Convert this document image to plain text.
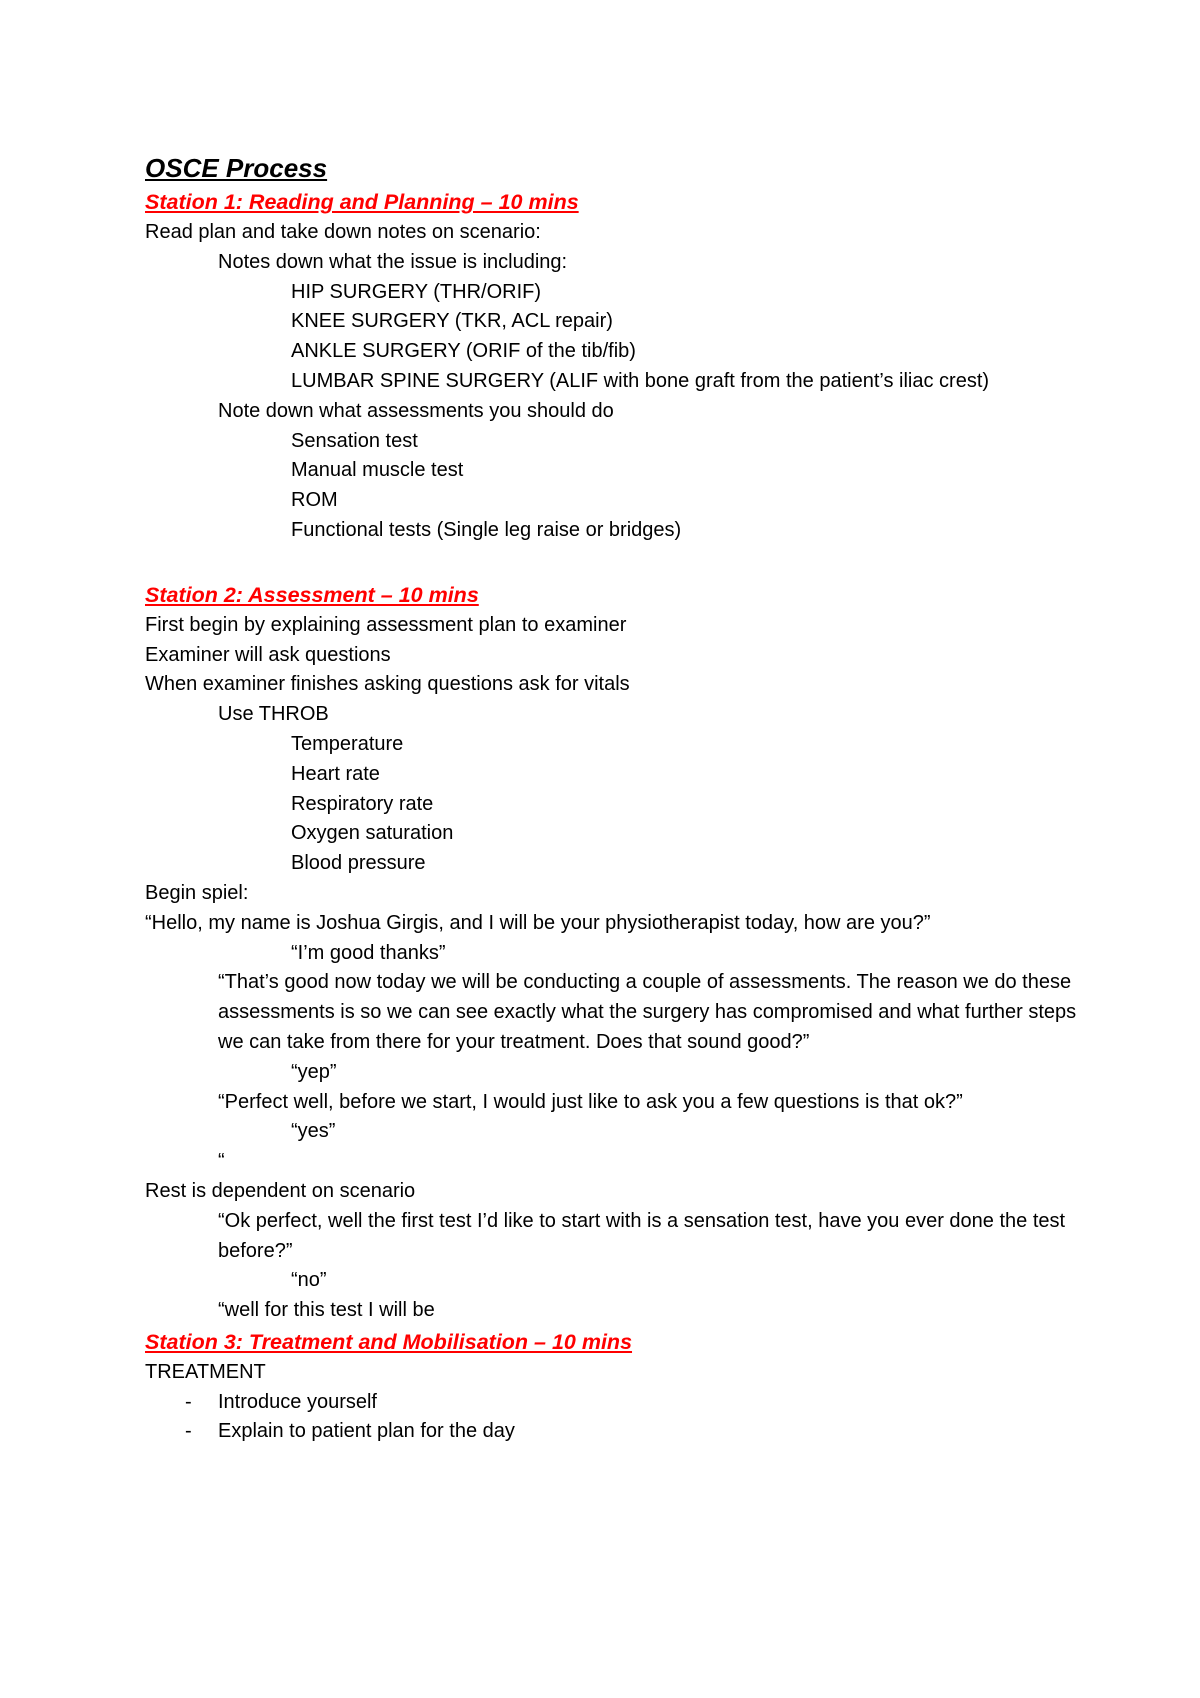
OSCE Process
Station 1: Reading and Planning – 10 mins
Read plan and take down notes on scenario:
Notes down what the issue is including:
HIP SURGERY (THR/ORIF)
KNEE SURGERY (TKR, ACL repair)
ANKLE SURGERY (ORIF of the tib/fib)
LUMBAR SPINE SURGERY (ALIF with bone graft from the patient’s iliac crest)
Note down what assessments you should do
Sensation test
Manual muscle test
ROM
Functional tests (Single leg raise or bridges)
Station 2: Assessment – 10 mins
First begin by explaining assessment plan to examiner
Examiner will ask questions
When examiner finishes asking questions ask for vitals
Use THROB
Temperature
Heart rate
Respiratory rate
Oxygen saturation
Blood pressure
Begin spiel:
“Hello, my name is Joshua Girgis, and I will be your physiotherapist today, how are you?”
“I’m good thanks”
“That’s good now today we will be conducting a couple of assessments. The reason we do these assessments is so we can see exactly what the surgery has compromised and what further steps we can take from there for your treatment. Does that sound good?”
“yep”
“Perfect well, before we start, I would just like to ask you a few questions is that ok?”
“yes”
“
Rest is dependent on scenario
“Ok perfect, well the first test I’d like to start with is a sensation test, have you ever done the test before?”
“no”
“well for this test I will be
Station 3: Treatment and Mobilisation – 10 mins
TREATMENT
- Introduce yourself
- Explain to patient plan for the day
